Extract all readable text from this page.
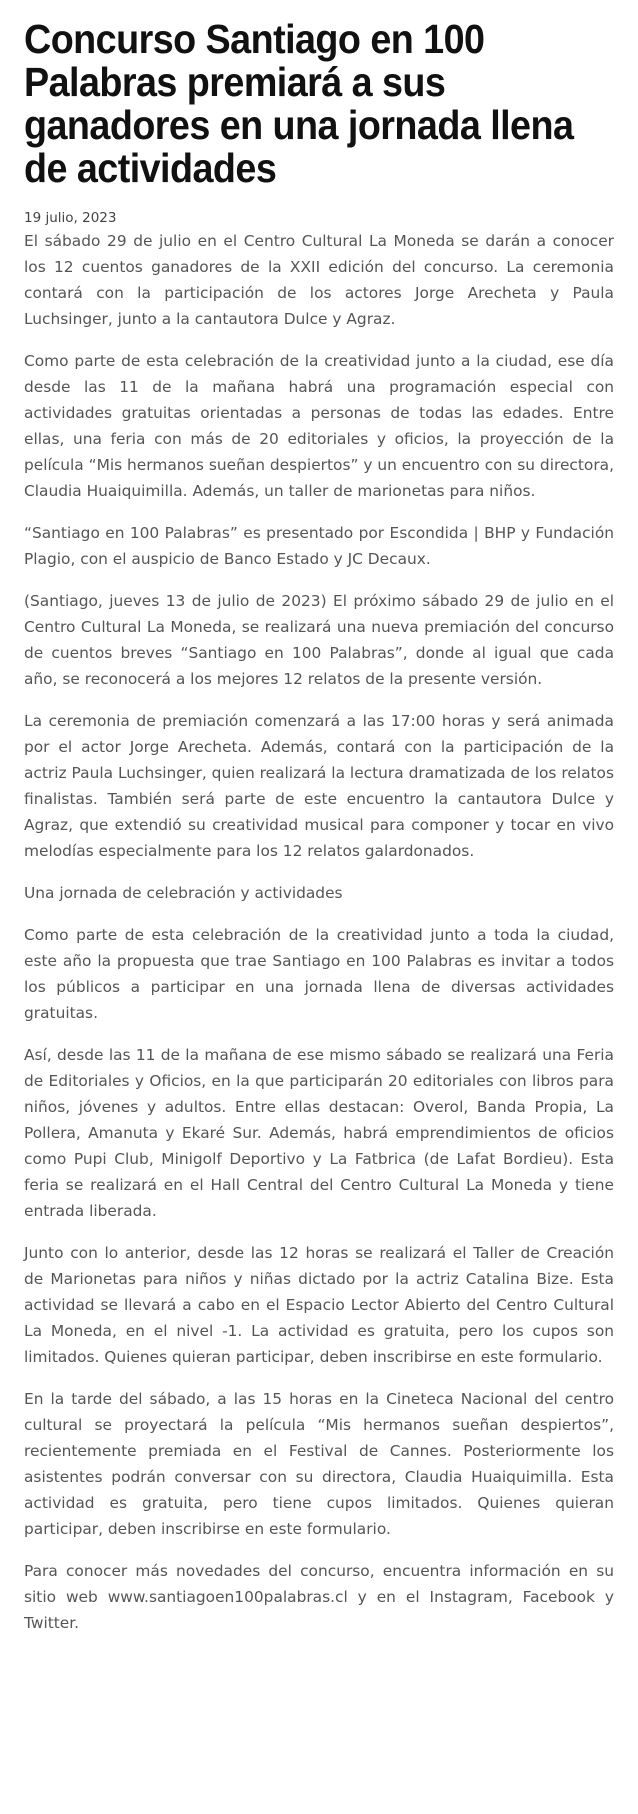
Concurso Santiago en 100 Palabras premiará a sus ganadores en una jornada llena de actividades
19 julio, 2023

El sábado 29 de julio en el Centro Cultural La Moneda se darán a conocer los 12 cuentos ganadores de la XXII edición del concurso. La ceremonia contará con la participación de los actores Jorge Arecheta y Paula Luchsinger, junto a la cantautora Dulce y Agraz.

Como parte de esta celebración de la creatividad junto a la ciudad, ese día desde las 11 de la mañana habrá una programación especial con actividades gratuitas orientadas a personas de todas las edades. Entre ellas, una feria con más de 20 editoriales y oficios, la proyección de la película “Mis hermanos sueñan despiertos” y un encuentro con su directora, Claudia Huaiquimilla. Además, un taller de marionetas para niños.

“Santiago en 100 Palabras” es presentado por Escondida | BHP y Fundación Plagio, con el auspicio de Banco Estado y JC Decaux.

(Santiago, jueves 13 de julio de 2023) El próximo sábado 29 de julio en el Centro Cultural La Moneda, se realizará una nueva premiación del concurso de cuentos breves “Santiago en 100 Palabras”, donde al igual que cada año, se reconocerá a los mejores 12 relatos de la presente versión.

La ceremonia de premiación comenzará a las 17:00 horas y será animada por el actor Jorge Arecheta. Además, contará con la participación de la actriz Paula Luchsinger, quien realizará la lectura dramatizada de los relatos finalistas. También será parte de este encuentro la cantautora Dulce y Agraz, que extendió su creatividad musical para componer y tocar en vivo melodías especialmente para los 12 relatos galardonados.

Una jornada de celebración y actividades

Como parte de esta celebración de la creatividad junto a toda la ciudad, este año la propuesta que trae Santiago en 100 Palabras es invitar a todos los públicos a participar en una jornada llena de diversas actividades gratuitas.

Así, desde las 11 de la mañana de ese mismo sábado se realizará una Feria de Editoriales y Oficios, en la que participarán 20 editoriales con libros para niños, jóvenes y adultos. Entre ellas destacan: Overol, Banda Propia, La Pollera, Amanuta y Ekaré Sur. Además, habrá emprendimientos de oficios como Pupi Club, Minigolf Deportivo y La Fatbrica (de Lafat Bordieu). Esta feria se realizará en el Hall Central del Centro Cultural La Moneda y tiene entrada liberada.

Junto con lo anterior, desde las 12 horas se realizará el Taller de Creación de Marionetas para niños y niñas dictado por la actriz Catalina Bize. Esta actividad se llevará a cabo en el Espacio Lector Abierto del Centro Cultural La Moneda, en el nivel -1. La actividad es gratuita, pero los cupos son limitados. Quienes quieran participar, deben inscribirse en este formulario.

En la tarde del sábado, a las 15 horas en la Cineteca Nacional del centro cultural se proyectará la película “Mis hermanos sueñan despiertos”, recientemente premiada en el Festival de Cannes. Posteriormente los asistentes podrán conversar con su directora, Claudia Huaiquimilla. Esta actividad es gratuita, pero tiene cupos limitados. Quienes quieran participar, deben inscribirse en este formulario.

Para conocer más novedades del concurso, encuentra información en su sitio web www.santiagoen100palabras.cl y en el Instagram, Facebook y Twitter.
